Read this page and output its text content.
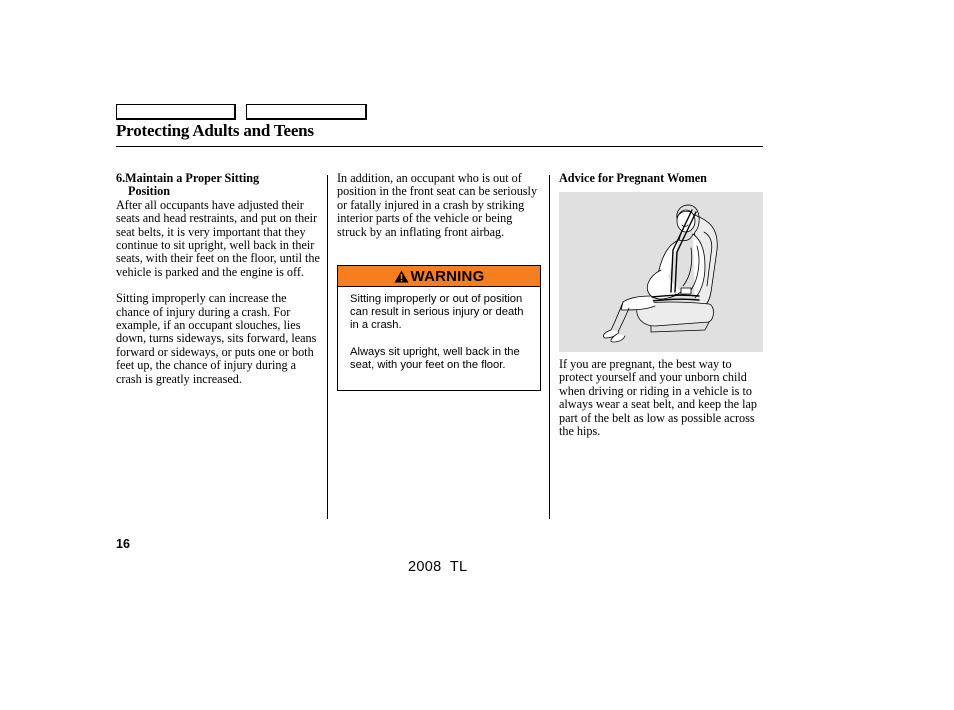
Protecting Adults and Teens

6.Maintain a Proper Sitting
Position

After all occupants have adjusted their seats and head restraints, and put on their seat belts, it is very important that they continue to sit upright, well back in their seats, with their feet on the floor, until the vehicle is parked and the engine is off.

Sitting improperly can increase the chance of injury during a crash. For example, if an occupant slouches, lies down, turns sideways, sits forward, leans forward or sideways, or puts one or both feet up, the chance of injury during a crash is greatly increased.

In addition, an occupant who is out of position in the front seat can be seriously or fatally injured in a crash by striking interior parts of the vehicle or being struck by an inflating front airbag.

WARNING

Sitting improperly or out of position can result in serious injury or death in a crash.

Always sit upright, well back in the seat, with your feet on the floor.

Advice for Pregnant Women

If you are pregnant, the best way to protect yourself and your unborn child when driving or riding in a vehicle is to always wear a seat belt, and keep the lap part of the belt as low as possible across the hips.

16
2008  TL
